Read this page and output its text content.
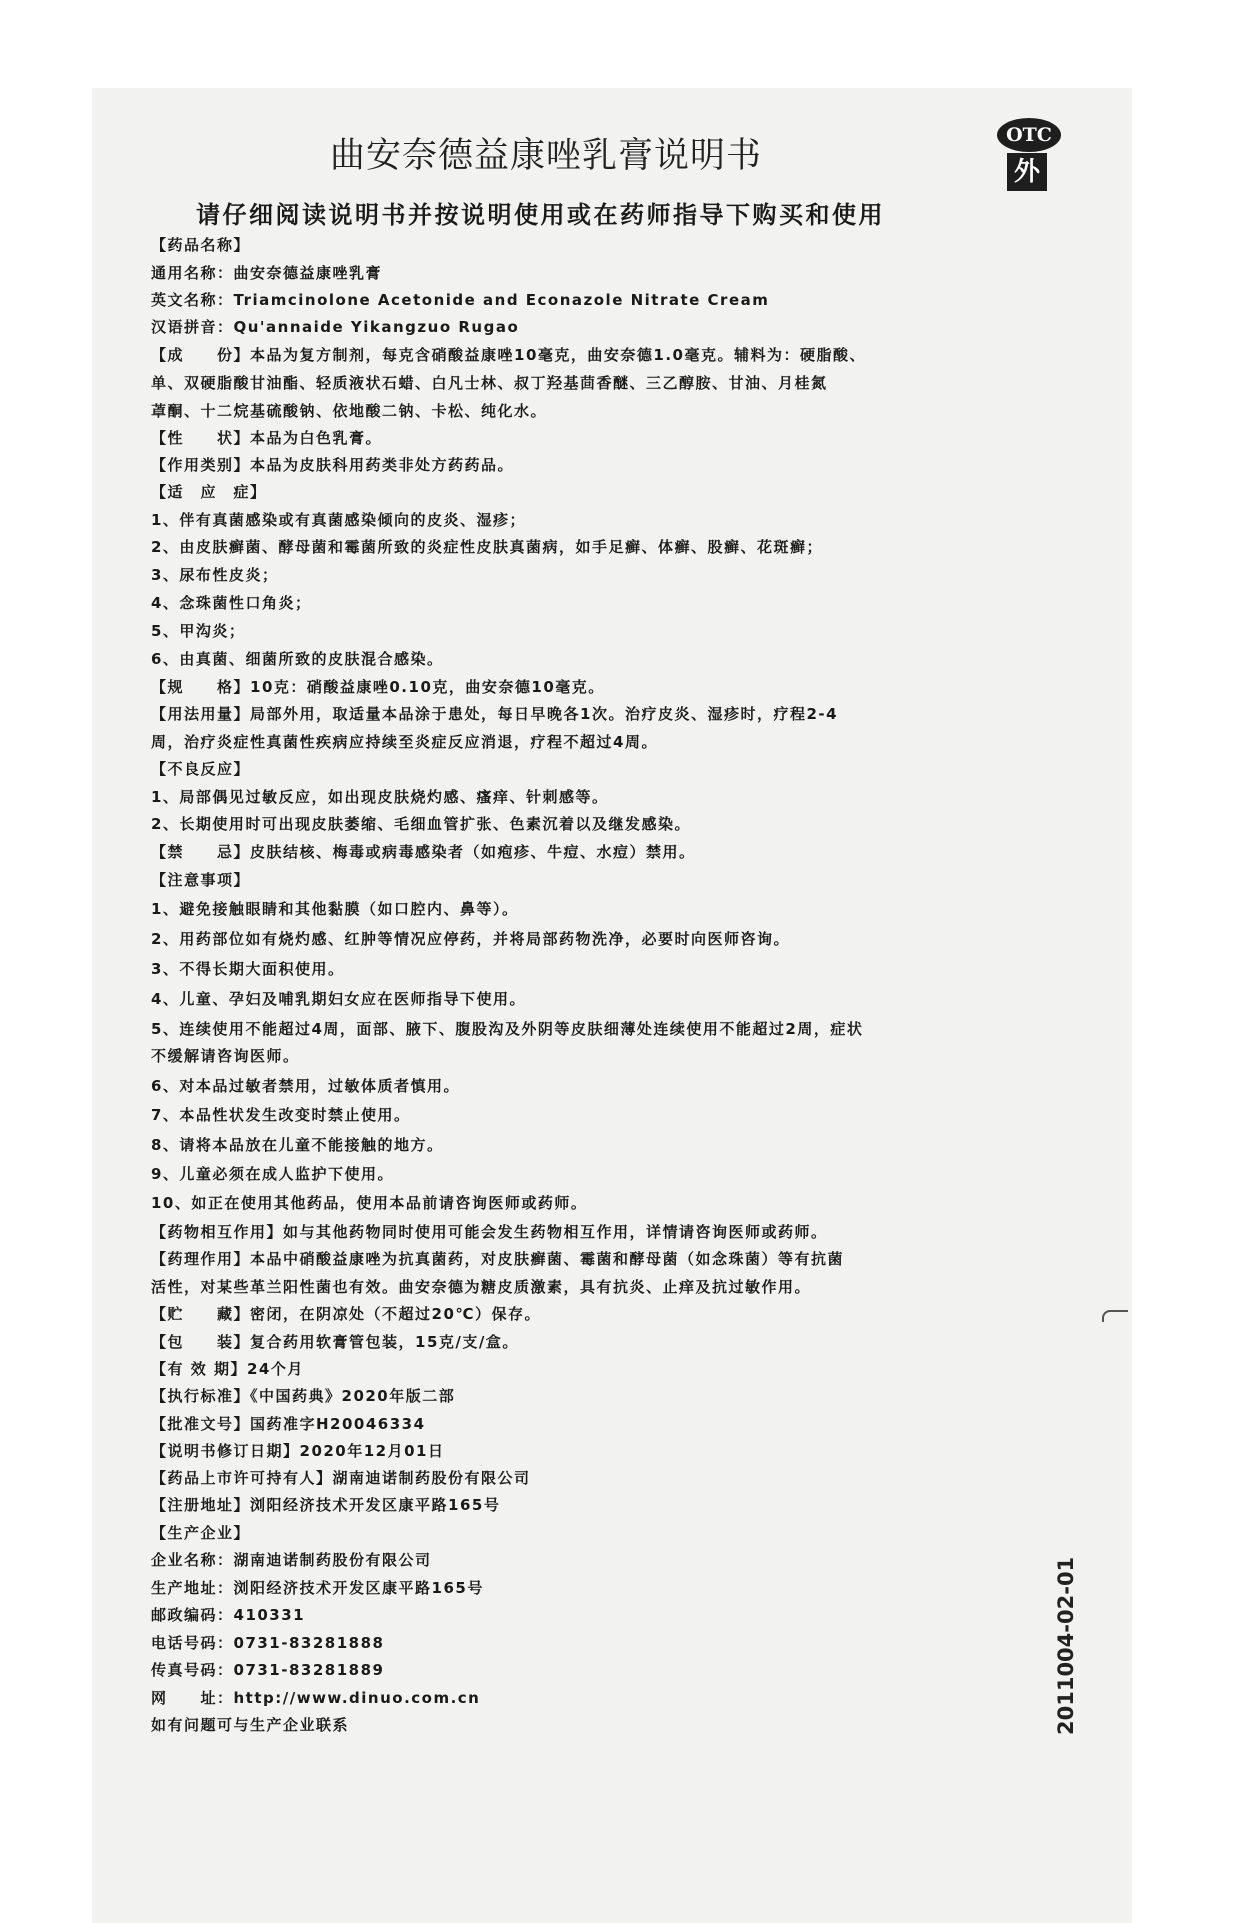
曲安奈德益康唑乳膏说明书
OTC
外
请仔细阅读说明书并按说明使用或在药师指导下购买和使用
【药品名称】
通用名称：曲安奈德益康唑乳膏
英文名称：Triamcinolone Acetonide and Econazole Nitrate Cream
汉语拼音：Qu'annaide Yikangzuo Rugao
【成　　份】本品为复方制剂，每克含硝酸益康唑10毫克，曲安奈德1.0毫克。辅料为：硬脂酸、
单、双硬脂酸甘油酯、轻质液状石蜡、白凡士林、叔丁羟基茴香醚、三乙醇胺、甘油、月桂氮
䓬酮、十二烷基硫酸钠、依地酸二钠、卡松、纯化水。
【性　　状】本品为白色乳膏。
【作用类别】本品为皮肤科用药类非处方药药品。
【适　应　症】
1、伴有真菌感染或有真菌感染倾向的皮炎、湿疹；
2、由皮肤癣菌、酵母菌和霉菌所致的炎症性皮肤真菌病，如手足癣、体癣、股癣、花斑癣；
3、尿布性皮炎；
4、念珠菌性口角炎；
5、甲沟炎；
6、由真菌、细菌所致的皮肤混合感染。
【规　　格】10克：硝酸益康唑0.10克，曲安奈德10毫克。
【用法用量】局部外用，取适量本品涂于患处，每日早晚各1次。治疗皮炎、湿疹时，疗程2-4
周，治疗炎症性真菌性疾病应持续至炎症反应消退，疗程不超过4周。
【不良反应】
1、局部偶见过敏反应，如出现皮肤烧灼感、瘙痒、针刺感等。
2、长期使用时可出现皮肤萎缩、毛细血管扩张、色素沉着以及继发感染。
【禁　　忌】皮肤结核、梅毒或病毒感染者（如疱疹、牛痘、水痘）禁用。
【注意事项】
1、避免接触眼睛和其他黏膜（如口腔内、鼻等）。
2、用药部位如有烧灼感、红肿等情况应停药，并将局部药物洗净，必要时向医师咨询。
3、不得长期大面积使用。
4、儿童、孕妇及哺乳期妇女应在医师指导下使用。
5、连续使用不能超过4周，面部、腋下、腹股沟及外阴等皮肤细薄处连续使用不能超过2周，症状
不缓解请咨询医师。
6、对本品过敏者禁用，过敏体质者慎用。
7、本品性状发生改变时禁止使用。
8、请将本品放在儿童不能接触的地方。
9、儿童必须在成人监护下使用。
10、如正在使用其他药品，使用本品前请咨询医师或药师。
【药物相互作用】如与其他药物同时使用可能会发生药物相互作用，详情请咨询医师或药师。
【药理作用】本品中硝酸益康唑为抗真菌药，对皮肤癣菌、霉菌和酵母菌（如念珠菌）等有抗菌
活性，对某些革兰阳性菌也有效。曲安奈德为糖皮质激素，具有抗炎、止痒及抗过敏作用。
【贮　　藏】密闭，在阴凉处（不超过20℃）保存。
【包　　装】复合药用软膏管包装，15克/支/盒。
【有 效 期】24个月
【执行标准】《中国药典》2020年版二部
【批准文号】国药准字H20046334
【说明书修订日期】2020年12月01日
【药品上市许可持有人】湖南迪诺制药股份有限公司
【注册地址】浏阳经济技术开发区康平路165号
【生产企业】
企业名称：湖南迪诺制药股份有限公司
生产地址：浏阳经济技术开发区康平路165号
邮政编码：410331
电话号码：0731-83281888
传真号码：0731-83281889
网　　址：http://www.dinuo.com.cn
如有问题可与生产企业联系	2011004-02-01
